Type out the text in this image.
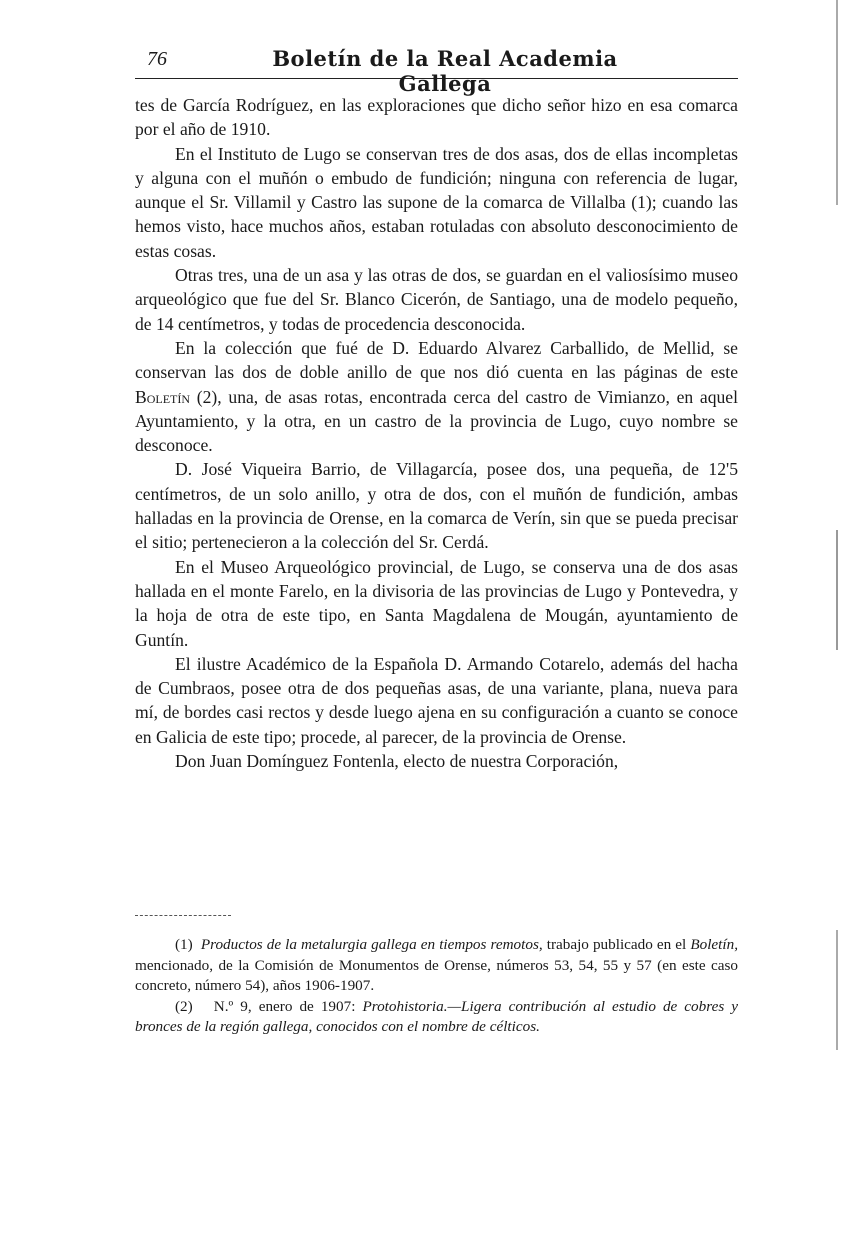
76	Boletín de la Real Academia Gallega

tes de García Rodríguez, en las exploraciones que dicho señor hizo en esa comarca por el año de 1910.

En el Instituto de Lugo se conservan tres de dos asas, dos de ellas incompletas y alguna con el muñón o embudo de fundición; ninguna con referencia de lugar, aunque el Sr. Villamil y Castro las supone de la comarca de Villalba (1); cuando las hemos visto, hace muchos años, estaban rotuladas con absoluto desconocimiento de estas cosas.

Otras tres, una de un asa y las otras de dos, se guardan en el valiosísimo museo arqueológico que fue del Sr. Blanco Cicerón, de Santiago, una de modelo pequeño, de 14 centímetros, y todas de procedencia desconocida.

En la colección que fué de D. Eduardo Alvarez Carballido, de Mellid, se conservan las dos de doble anillo de que nos dió cuenta en las páginas de este Boletín (2), una, de asas rotas, encontrada cerca del castro de Vimianzo, en aquel Ayuntamiento, y la otra, en un castro de la provincia de Lugo, cuyo nombre se desconoce.

D. José Viqueira Barrio, de Villagarcía, posee dos, una pequeña, de 12'5 centímetros, de un solo anillo, y otra de dos, con el muñón de fundición, ambas halladas en la provincia de Orense, en la comarca de Verín, sin que se pueda precisar el sitio; pertenecieron a la colección del Sr. Cerdá.

En el Museo Arqueológico provincial, de Lugo, se conserva una de dos asas hallada en el monte Farelo, en la divisoria de las provincias de Lugo y Pontevedra, y la hoja de otra de este tipo, en Santa Magdalena de Mougán, ayuntamiento de Guntín.

El ilustre Académico de la Española D. Armando Cotarelo, además del hacha de Cumbraos, posee otra de dos pequeñas asas, de una variante, plana, nueva para mí, de bordes casi rectos y desde luego ajena en su configuración a cuanto se conoce en Galicia de este tipo; procede, al parecer, de la provincia de Orense.

Don Juan Domínguez Fontenla, electo de nuestra Corporación,

(1) Productos de la metalurgia gallega en tiempos remotos, trabajo publicado en el Boletín, mencionado, de la Comisión de Monumentos de Orense, números 53, 54, 55 y 57 (en este caso concreto, número 54), años 1906-1907.

(2) N.º 9, enero de 1907: Protohistoria.—Ligera contribución al estudio de cobres y bronces de la región gallega, conocidos con el nombre de célticos.
